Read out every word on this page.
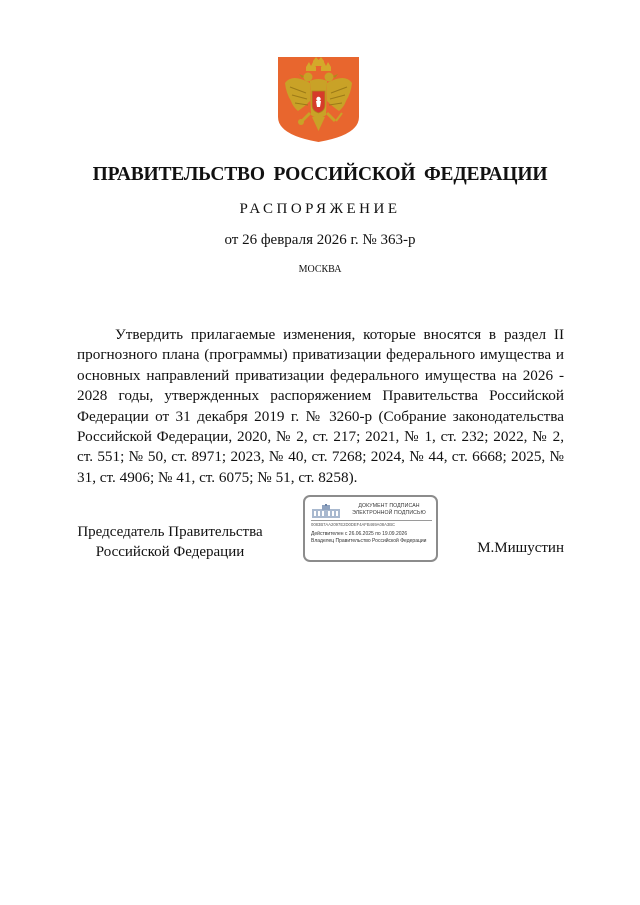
ПРАВИТЕЛЬСТВО РОССИЙСКОЙ ФЕДЕРАЦИИ
РАСПОРЯЖЕНИЕ
от 26 февраля 2026 г. № 363-р
МОСКВА
Утвердить прилагаемые изменения, которые вносятся в раздел II прогнозного плана (программы) приватизации федерального имущества и основных направлений приватизации федерального имущества на 2026 - 2028 годы, утвержденных распоряжением Правительства Российской Федерации от 31 декабря 2019 г. № 3260-р (Собрание законодательства Российской Федерации, 2020, № 2, ст. 217; 2021, № 1, ст. 232; 2022, № 2, ст. 551; № 50, ст. 8971; 2023, № 40, ст. 7268; 2024, № 44, ст. 6668; 2025, № 31, ст. 4906; № 41, ст. 6075; № 51, ст. 8258).
Председатель Правительства
Российской Федерации
ДОКУМЕНТ ПОДПИСАН ЭЛЕКТРОННОЙ ПОДПИСЬЮ
0083B7AA2097E2D0DEF4AFB469A08A3BC
Действителен с 26.06.2025 по 19.09.2026
Владелец Правительство Российской Федерации	М.Мишустин
